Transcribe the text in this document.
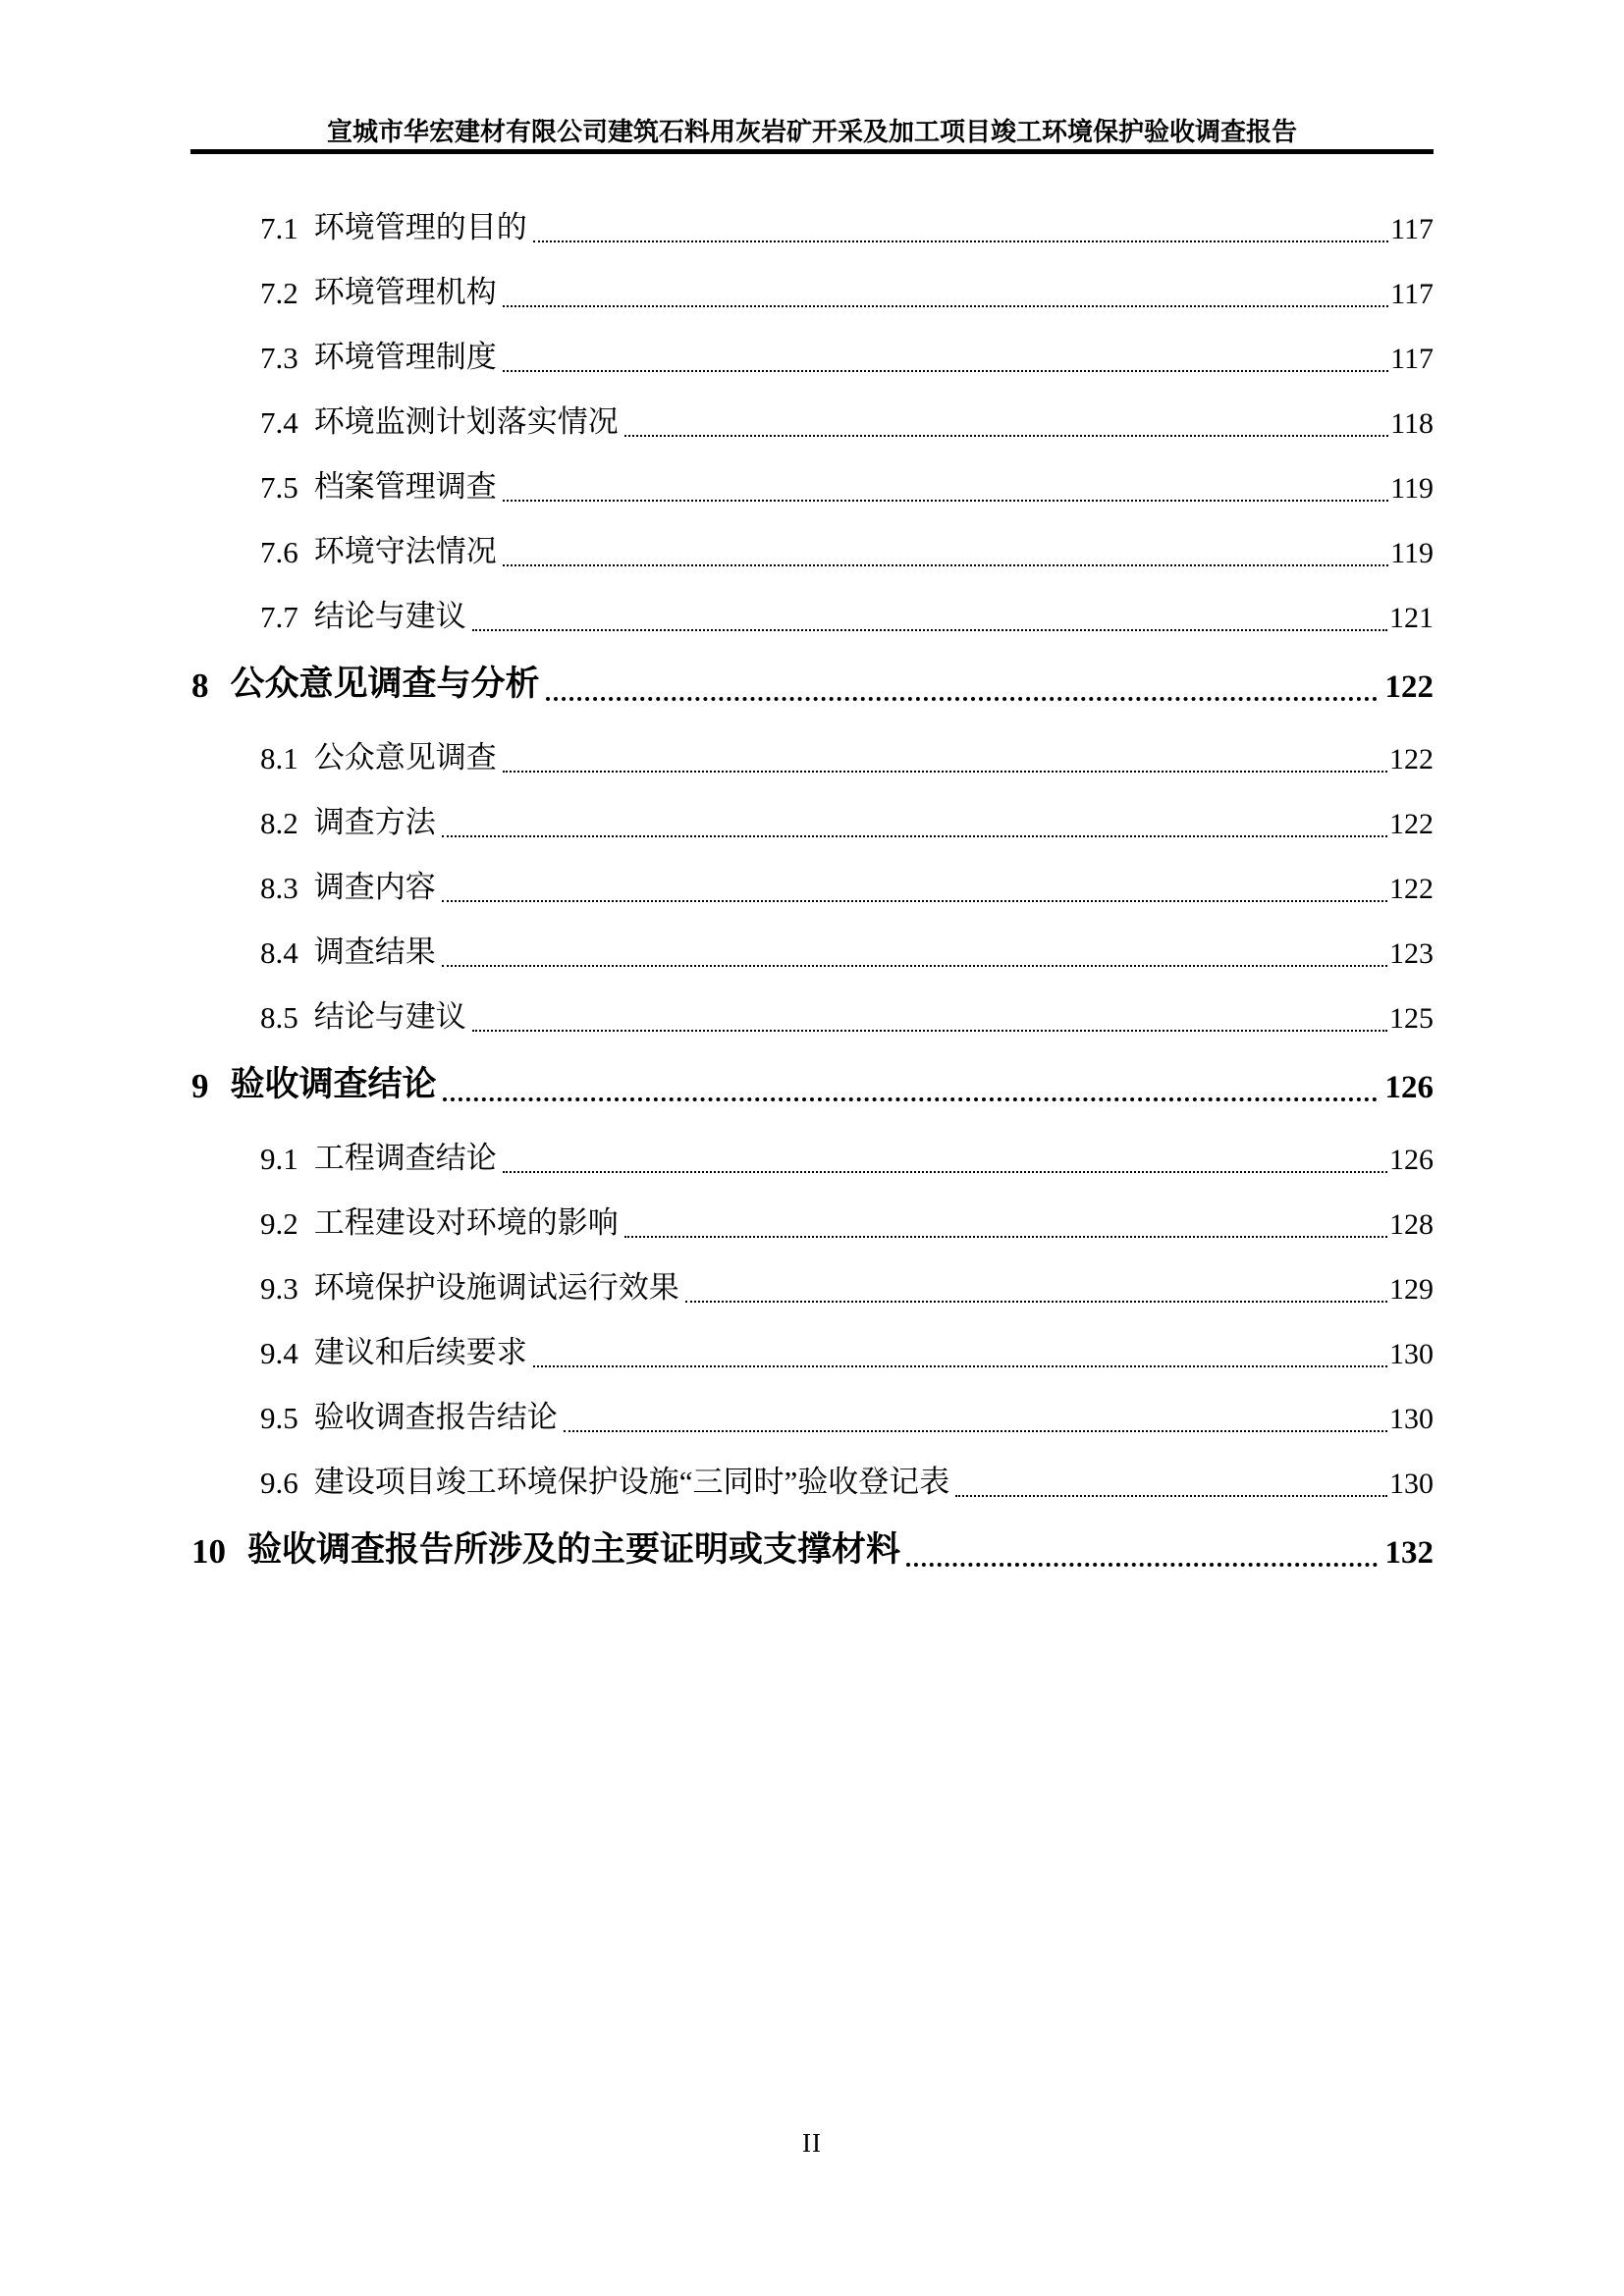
宣城市华宏建材有限公司建筑石料用灰岩矿开采及加工项目竣工环境保护验收调查报告
7.1 环境管理的目的	117
7.2 环境管理机构	117
7.3 环境管理制度	117
7.4 环境监测计划落实情况	118
7.5 档案管理调查	119
7.6 环境守法情况	119
7.7 结论与建议	121
8 公众意见调查与分析	122
8.1 公众意见调查	122
8.2 调查方法	122
8.3 调查内容	122
8.4 调查结果	123
8.5 结论与建议	125
9 验收调查结论	126
9.1 工程调查结论	126
9.2 工程建设对环境的影响	128
9.3 环境保护设施调试运行效果	129
9.4 建议和后续要求	130
9.5 验收调查报告结论	130
9.6 建设项目竣工环境保护设施“三同时”验收登记表	130
10 验收调查报告所涉及的主要证明或支撑材料	132
II
